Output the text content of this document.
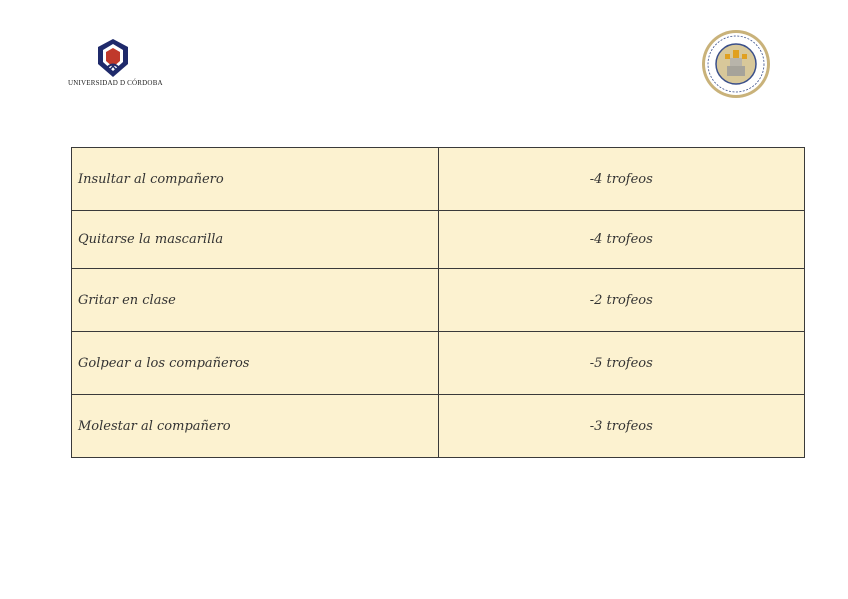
UNIVERSIDAD D CÓRDOBA
Insultar al compañero	-4 trofeos
Quitarse la mascarilla	-4 trofeos
Gritar en clase	-2 trofeos
Golpear a los compañeros	-5 trofeos
Molestar al compañero	-3 trofeos
